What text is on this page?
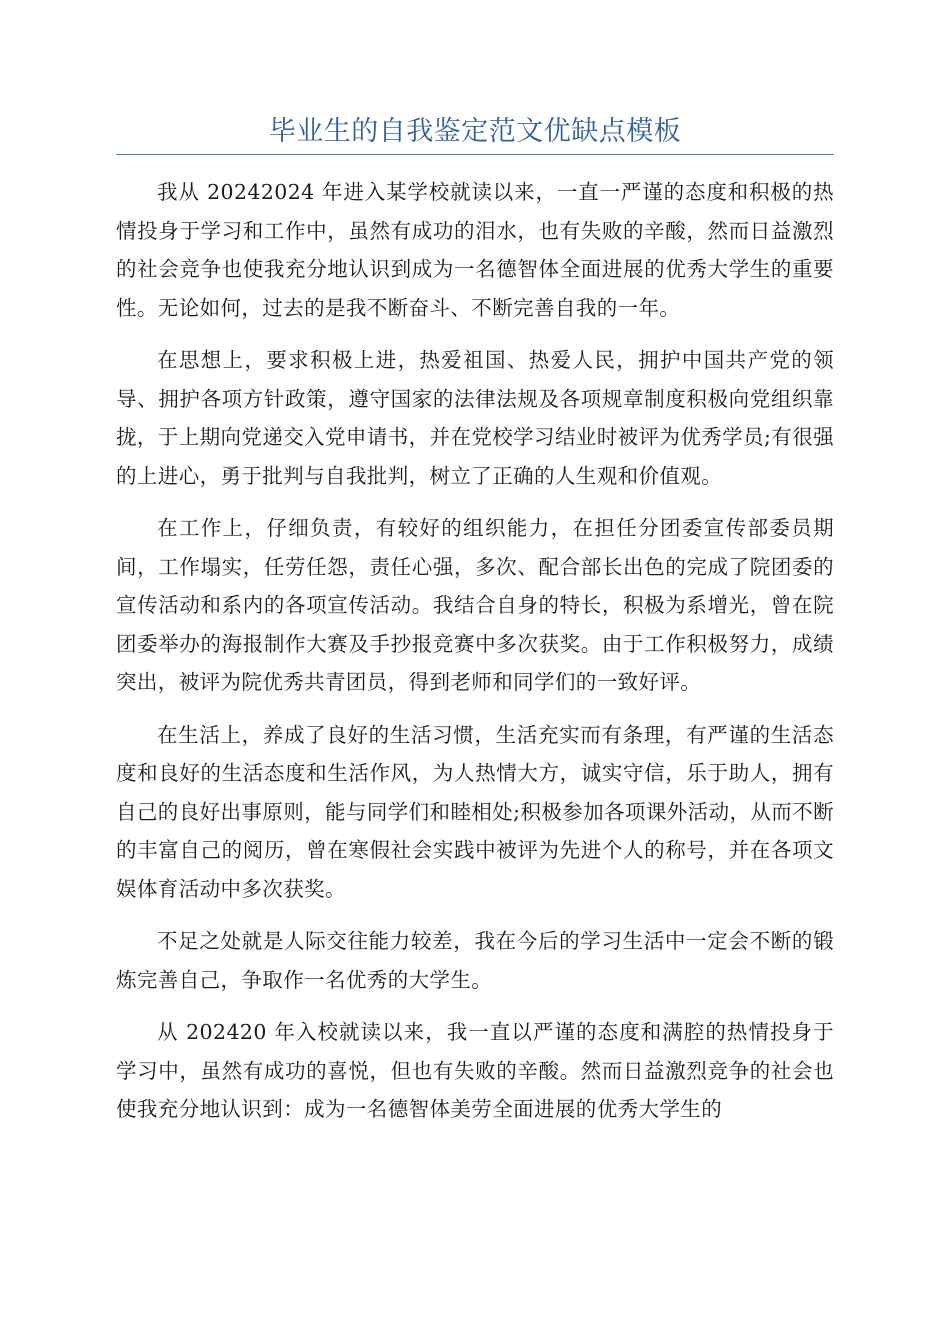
毕业生的自我鉴定范文优缺点模板

我从 20242024 年进入某学校就读以来，一直一严谨的态度和积极的热情投身于学习和工作中，虽然有成功的泪水，也有失败的辛酸，然而日益激烈的社会竞争也使我充分地认识到成为一名德智体全面进展的优秀大学生的重要性。无论如何，过去的是我不断奋斗、不断完善自我的一年。

在思想上，要求积极上进，热爱祖国、热爱人民，拥护中国共产党的领导、拥护各项方针政策，遵守国家的法律法规及各项规章制度积极向党组织靠拢，于上期向党递交入党申请书，并在党校学习结业时被评为优秀学员;有很强的上进心，勇于批判与自我批判，树立了正确的人生观和价值观。

在工作上，仔细负责，有较好的组织能力，在担任分团委宣传部委员期间，工作塌实，任劳任怨，责任心强，多次、配合部长出色的完成了院团委的宣传活动和系内的各项宣传活动。我结合自身的特长，积极为系增光，曾在院团委举办的海报制作大赛及手抄报竞赛中多次获奖。由于工作积极努力，成绩突出，被评为院优秀共青团员，得到老师和同学们的一致好评。

在生活上，养成了良好的生活习惯，生活充实而有条理，有严谨的生活态度和良好的生活态度和生活作风，为人热情大方，诚实守信，乐于助人，拥有自己的良好出事原则，能与同学们和睦相处;积极参加各项课外活动，从而不断的丰富自己的阅历，曾在寒假社会实践中被评为先进个人的称号，并在各项文娱体育活动中多次获奖。

不足之处就是人际交往能力较差，我在今后的学习生活中一定会不断的锻炼完善自己，争取作一名优秀的大学生。

从 202420 年入校就读以来，我一直以严谨的态度和满腔的热情投身于学习中，虽然有成功的喜悦，但也有失败的辛酸。然而日益激烈竞争的社会也使我充分地认识到：成为一名德智体美劳全面进展的优秀大学生的
